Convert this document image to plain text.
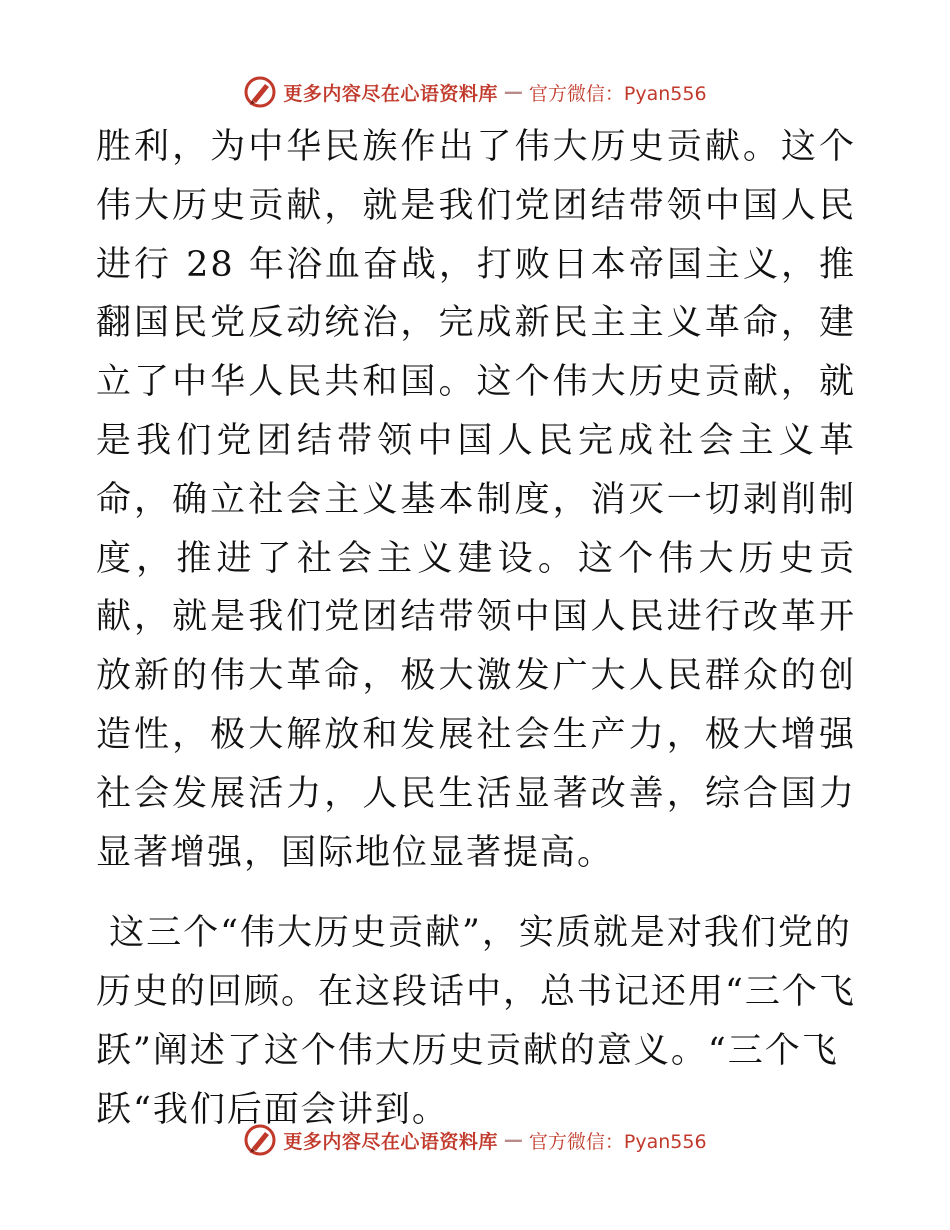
更多内容尽在心语资料库 — 官方微信：Pyan556

胜利，为中华民族作出了伟大历史贡献。这个伟大历史贡献，就是我们党团结带领中国人民进行 28 年浴血奋战，打败日本帝国主义，推翻国民党反动统治，完成新民主主义革命，建立了中华人民共和国。这个伟大历史贡献，就是我们党团结带领中国人民完成社会主义革命，确立社会主义基本制度，消灭一切剥削制度，推进了社会主义建设。这个伟大历史贡献，就是我们党团结带领中国人民进行改革开放新的伟大革命，极大激发广大人民群众的创造性，极大解放和发展社会生产力，极大增强社会发展活力，人民生活显著改善，综合国力显著增强，国际地位显著提高。

这三个“伟大历史贡献”，实质就是对我们党的历史的回顾。在这段话中，总书记还用“三个飞跃”阐述了这个伟大历史贡献的意义。“三个飞跃“我们后面会讲到。

更多内容尽在心语资料库 — 官方微信：Pyan556
